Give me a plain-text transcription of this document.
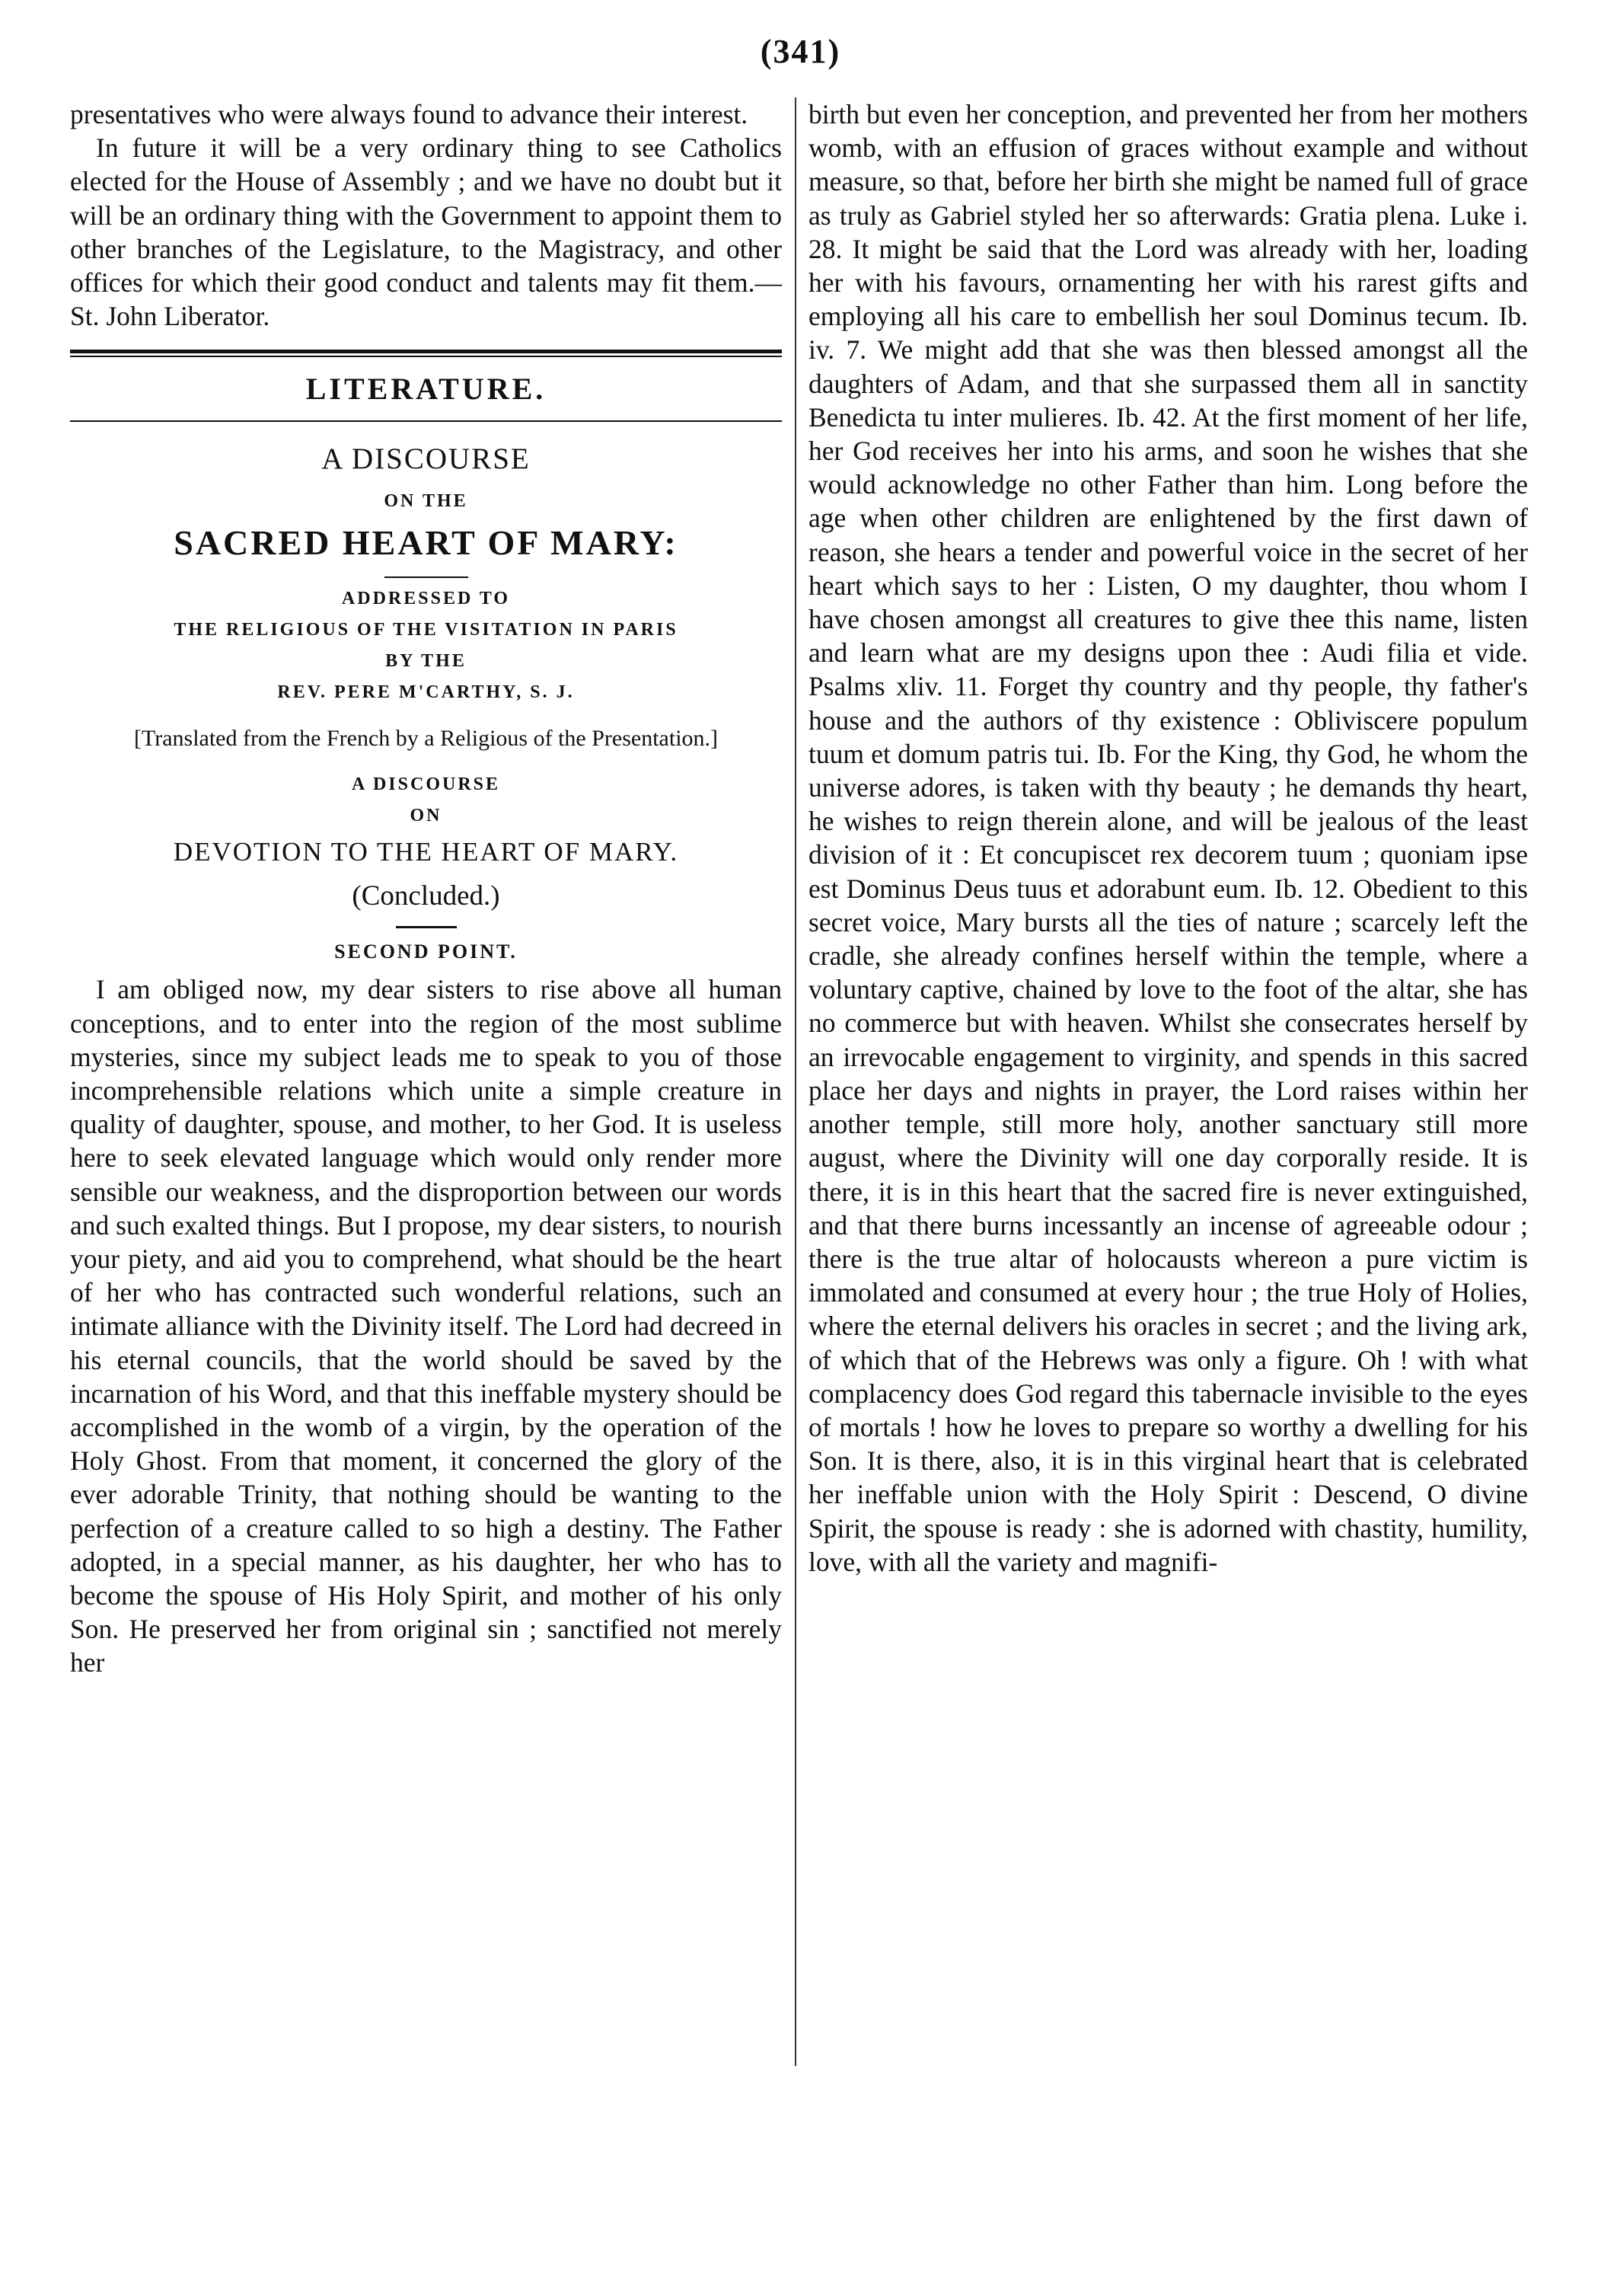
(341)

presentatives who were always found to advance their interest.

In future it will be a very ordinary thing to see Catholics elected for the House of Assembly ; and we have no doubt but it will be an ordinary thing with the Government to appoint them to other branches of the Legislature, to the Magistracy, and other offices for which their good conduct and talents may fit them.—St. John Liberator.

LITERATURE.
A DISCOURSE
ON THE
SACRED HEART OF MARY:
ADDRESSED TO
THE RELIGIOUS OF THE VISITATION IN PARIS
BY THE
REV. PERE M'CARTHY, S. J.
[Translated from the French by a Religious of the Presentation.]
A DISCOURSE
ON
DEVOTION TO THE HEART OF MARY.
(Concluded.)
SECOND POINT.

I am obliged now, my dear sisters to rise above all human conceptions, and to enter into the region of the most sublime mysteries, since my subject leads me to speak to you of those incomprehensible relations which unite a simple creature in quality of daughter, spouse, and mother, to her God. It is useless here to seek elevated language which would only render more sensible our weakness, and the disproportion between our words and such exalted things. But I propose, my dear sisters, to nourish your piety, and aid you to comprehend, what should be the heart of her who has contracted such wonderful relations, such an intimate alliance with the Divinity itself. The Lord had decreed in his eternal councils, that the world should be saved by the incarnation of his Word, and that this ineffable mystery should be accomplished in the womb of a virgin, by the operation of the Holy Ghost. From that moment, it concerned the glory of the ever adorable Trinity, that nothing should be wanting to the perfection of a creature called to so high a destiny. The Father adopted, in a special manner, as his daughter, her who has to become the spouse of His Holy Spirit, and mother of his only Son. He preserved her from original sin ; sanctified not merely her

birth but even her conception, and prevented her from her mothers womb, with an effusion of graces without example and without measure, so that, before her birth she might be named full of grace as truly as Gabriel styled her so afterwards: Gratia plena. Luke i. 28. It might be said that the Lord was already with her, loading her with his favours, ornamenting her with his rarest gifts and employing all his care to embellish her soul Dominus tecum. Ib. iv. 7. We might add that she was then blessed amongst all the daughters of Adam, and that she surpassed them all in sanctity Benedicta tu inter mulieres. Ib. 42. At the first moment of her life, her God receives her into his arms, and soon he wishes that she would acknowledge no other Father than him. Long before the age when other children are enlightened by the first dawn of reason, she hears a tender and powerful voice in the secret of her heart which says to her : Listen, O my daughter, thou whom I have chosen amongst all creatures to give thee this name, listen and learn what are my designs upon thee : Audi filia et vide. Psalms xliv. 11. Forget thy country and thy people, thy father's house and the authors of thy existence : Obliviscere populum tuum et domum patris tui. Ib. For the King, thy God, he whom the universe adores, is taken with thy beauty ; he demands thy heart, he wishes to reign therein alone, and will be jealous of the least division of it : Et concupiscet rex decorem tuum ; quoniam ipse est Dominus Deus tuus et adorabunt eum. Ib. 12. Obedient to this secret voice, Mary bursts all the ties of nature ; scarcely left the cradle, she already confines herself within the temple, where a voluntary captive, chained by love to the foot of the altar, she has no commerce but with heaven. Whilst she consecrates herself by an irrevocable engagement to virginity, and spends in this sacred place her days and nights in prayer, the Lord raises within her another temple, still more holy, another sanctuary still more august, where the Divinity will one day corporally reside. It is there, it is in this heart that the sacred fire is never extinguished, and that there burns incessantly an incense of agreeable odour ; there is the true altar of holocausts whereon a pure victim is immolated and consumed at every hour ; the true Holy of Holies, where the eternal delivers his oracles in secret ; and the living ark, of which that of the Hebrews was only a figure. Oh ! with what complacency does God regard this tabernacle invisible to the eyes of mortals ! how he loves to prepare so worthy a dwelling for his Son. It is there, also, it is in this virginal heart that is celebrated her ineffable union with the Holy Spirit : Descend, O divine Spirit, the spouse is ready : she is adorned with chastity, humility, love, with all the variety and magnifi-
